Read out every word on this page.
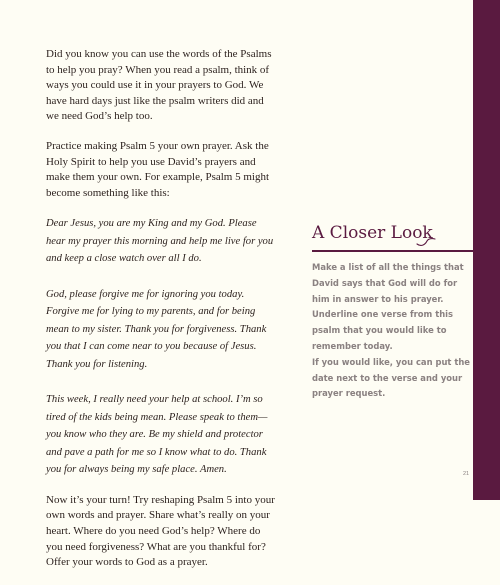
Did you know you can use the words of the Psalms to help you pray? When you read a psalm, think of ways you could use it in your prayers to God. We have hard days just like the psalm writers did and we need God’s help too.

Practice making Psalm 5 your own prayer. Ask the Holy Spirit to help you use David’s prayers and make them your own. For example, Psalm 5 might become something like this:

Dear Jesus, you are my King and my God. Please hear my prayer this morning and help me live for you and keep a close watch over all I do.

God, please forgive me for ignoring you today. Forgive me for lying to my parents, and for being mean to my sister. Thank you for forgiveness. Thank you that I can come near to you because of Jesus. Thank you for listening.

This week, I really need your help at school. I’m so tired of the kids being mean. Please speak to them—you know who they are. Be my shield and protector and pave a path for me so I know what to do. Thank you for always being my safe place. Amen.

Now it’s your turn! Try reshaping Psalm 5 into your own words and prayer. Share what’s really on your heart. Where do you need God’s help? Where do you need forgiveness? What are you thankful for? Offer your words to God as a prayer.

A Closer Look

Make a list of all the things that David says that God will do for him in answer to his prayer. Underline one verse from this psalm that you would like to remember today.

If you would like, you can put the date next to the verse and your prayer request.

21
